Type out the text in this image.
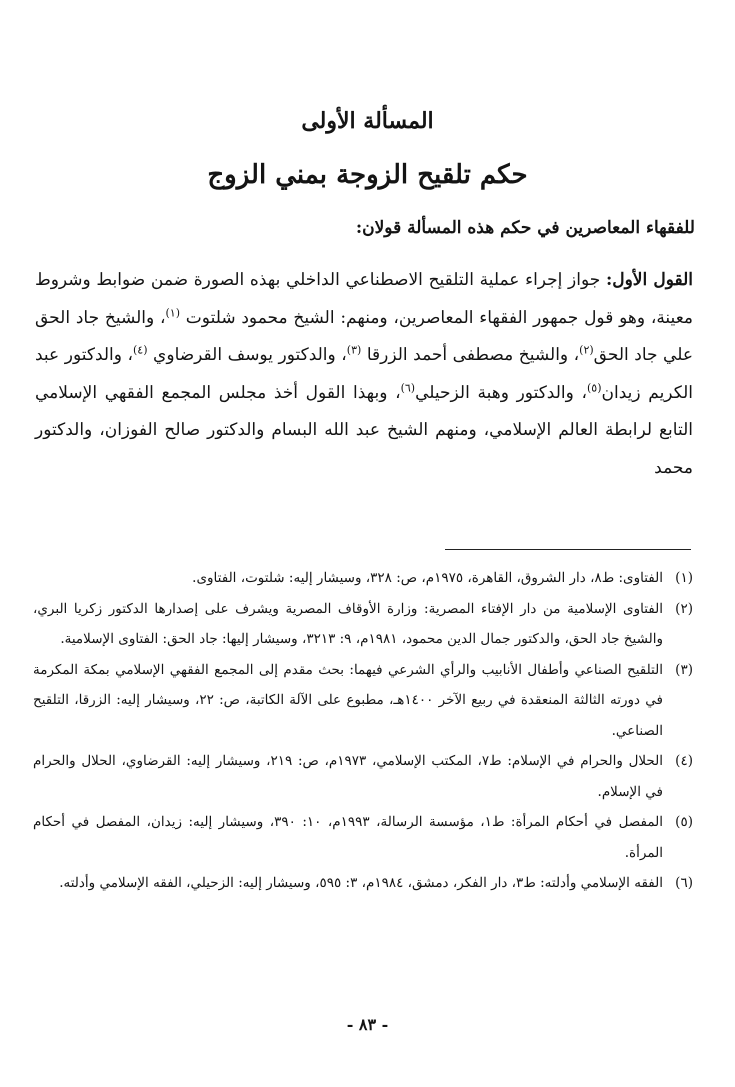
المسألة الأولى
حكم تلقيح الزوجة بمني الزوج
للفقهاء المعاصرين في حكم هذه المسألة قولان:
القول الأول: جواز إجراء عملية التلقيح الاصطناعي الداخلي بهذه الصورة ضمن ضوابط وشروط معينة، وهو قول جمهور الفقهاء المعاصرين، ومنهم: الشيخ محمود شلتوت $^{(١)}$، والشيخ جاد الحق علي جاد الحق$^{(٢)}$، والشيخ مصطفى أحمد الزرقا $^{(٣)}$، والدكتور يوسف القرضاوي $^{(٤)}$، والدكتور عبد الكريم زيدان$^{(٥)}$، والدكتور وهبة الزحيلي$^{(٦)}$، وبهذا القول أخذ مجلس المجمع الفقهي الإسلامي التابع لرابطة العالم الإسلامي، ومنهم الشيخ عبد الله البسام والدكتور صالح الفوزان، والدكتور محمد
(١)
الفتاوى: ط٨، دار الشروق، القاهرة، ١٩٧٥م، ص: ٣٢٨، وسيشار إليه: شلتوت، الفتاوى.
(٢)
الفتاوى الإسلامية من دار الإفتاء المصرية: وزارة الأوقاف المصرية ويشرف على إصدارها الدكتور زكريا البري، والشيخ جاد الحق، والدكتور جمال الدين محمود، ١٩٨١م، ٩: ٣٢١٣، وسيشار إليها: جاد الحق: الفتاوى الإسلامية.
(٣)
التلقيح الصناعي وأطفال الأنابيب والرأي الشرعي فيهما: بحث مقدم إلى المجمع الفقهي الإسلامي بمكة المكرمة في دورته الثالثة المنعقدة في ربيع الآخر ١٤٠٠هـ، مطبوع على الآلة الكاتبة، ص: ٢٢، وسيشار إليه: الزرقا، التلقيح الصناعي.
(٤)
الحلال والحرام في الإسلام: ط٧، المكتب الإسلامي، ١٩٧٣م، ص: ٢١٩، وسيشار إليه: القرضاوي، الحلال والحرام في الإسلام.
(٥)
المفصل في أحكام المرأة: ط١، مؤسسة الرسالة، ١٩٩٣م، ١٠: ٣٩٠، وسيشار إليه: زيدان، المفصل في أحكام المرأة.
(٦)
الفقه الإسلامي وأدلته: ط٣، دار الفكر، دمشق، ١٩٨٤م، ٣: ٥٩٥، وسيشار إليه: الزحيلي، الفقه الإسلامي وأدلته.
- ٨٣ -
